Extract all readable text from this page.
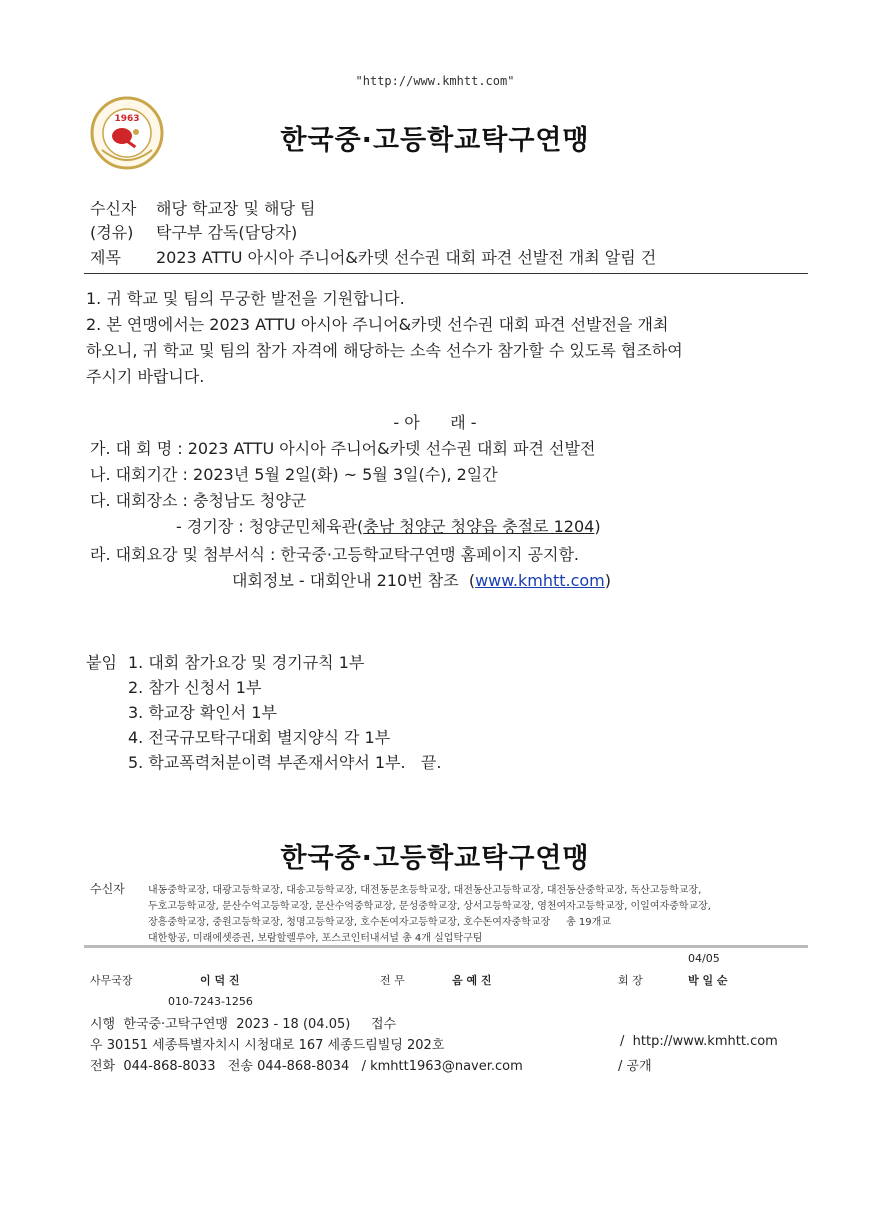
"http://www.kmhtt.com"
1963
한국중·고등학교탁구연맹
수신자 해당 학교장 및 해당 팀
(경유) 탁구부 감독(담당자)
제목 2023 ATTU 아시아 주니어&카뎃 선수권 대회 파견 선발전 개최 알림 건
1. 귀 학교 및 팀의 무궁한 발전을 기원합니다.
2. 본 연맹에서는 2023 ATTU 아시아 주니어&카뎃 선수권 대회 파견 선발전을 개최
하오니, 귀 학교 및 팀의 참가 자격에 해당하는 소속 선수가 참가할 수 있도록 협조하여
주시기 바랍니다.
- 아      래 -
가. 대 회 명 : 2023 ATTU 아시아 주니어&카뎃 선수권 대회 파견 선발전
나. 대회기간 : 2023년 5월 2일(화) ~ 5월 3일(수), 2일간
다. 대회장소 : 충청남도 청양군
- 경기장 : 청양군민체육관(충남 청양군 청양읍 충절로 1204)
라. 대회요강 및 첨부서식 : 한국중·고등학교탁구연맹 홈페이지 공지함.
대회정보 - 대회안내 210번 참조  (www.kmhtt.com)
붙임 1. 대회 참가요강 및 경기규칙 1부
2. 참가 신청서 1부
3. 학교장 확인서 1부
4. 전국규모탁구대회 별지양식 각 1부
5. 학교폭력처분이력 부존재서약서 1부.   끝.
한국중·고등학교탁구연맹
수신자 내동중학교장, 대광고등학교장, 대송고등학교장, 대전동문초등학교장, 대전동산고등학교장, 대전동산중학교장, 독산고등학교장,
두호고등학교장, 문산수억고등학교장, 문산수억중학교장, 문성중학교장, 상서고등학교장, 영천여자고등학교장, 이일여자중학교장,
장흥중학교장, 중원고등학교장, 청명고등학교장, 호수돈여자고등학교장, 호수돈여자중학교장     총 19개교
대한항공, 미래에셋증권, 보람할렐루야, 포스코인터내셔널 총 4개 실업탁구팀
04/05
사무국장	이 덕 진	전 무	음 예 진	회 장	박 일 순
010-7243-1256
시행  한국중·고탁구연맹  2023 - 18 (04.05)     접수
우 30151 세종특별자치시 시청대로 167 세종드림빌딩 202호	/  http://www.kmhtt.com
전화  044-868-8033   전송 044-868-8034   / kmhtt1963@naver.com	/ 공개
